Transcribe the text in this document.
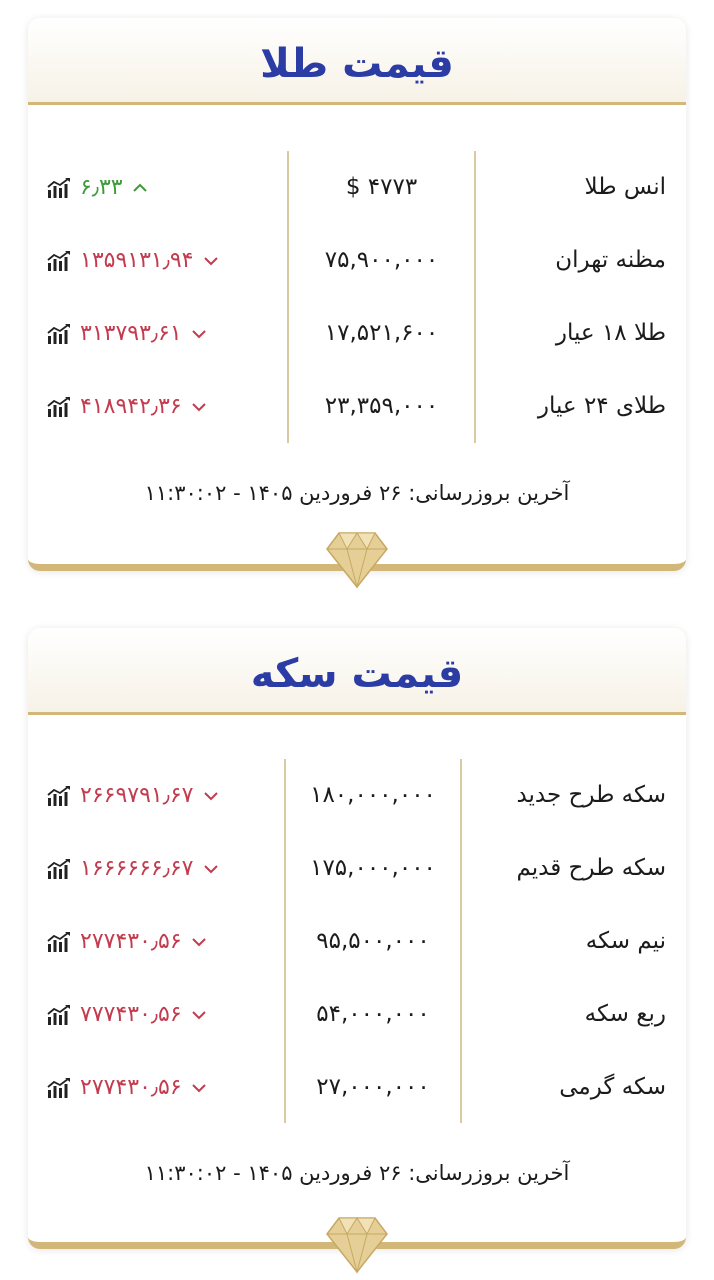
قیمت طلا
انس طلا
$ ۴۷۷۳
۶٫۳۳
مظنه تهران
۷۵,۹۰۰,۰۰۰
۱۳۵۹۱۳۱٫۹۴
طلا ۱۸ عیار
۱۷,۵۲۱,۶۰۰
۳۱۳۷۹۳٫۶۱
طلای ۲۴ عیار
۲۳,۳۵۹,۰۰۰
۴۱۸۹۴۲٫۳۶
آخرین بروزرسانی: ۲۶ فروردین ۱۴۰۵ - ۱۱:۳۰:۰۲
قیمت سکه
سکه طرح جدید
۱۸۰,۰۰۰,۰۰۰
۲۶۶۹۷۹۱٫۶۷
سکه طرح قدیم
۱۷۵,۰۰۰,۰۰۰
۱۶۶۶۶۶۶٫۶۷
نیم سکه
۹۵,۵۰۰,۰۰۰
۲۷۷۴۳۰٫۵۶
ربع سکه
۵۴,۰۰۰,۰۰۰
۷۷۷۴۳۰٫۵۶
سکه گرمی
۲۷,۰۰۰,۰۰۰
۲۷۷۴۳۰٫۵۶
آخرین بروزرسانی: ۲۶ فروردین ۱۴۰۵ - ۱۱:۳۰:۰۲
